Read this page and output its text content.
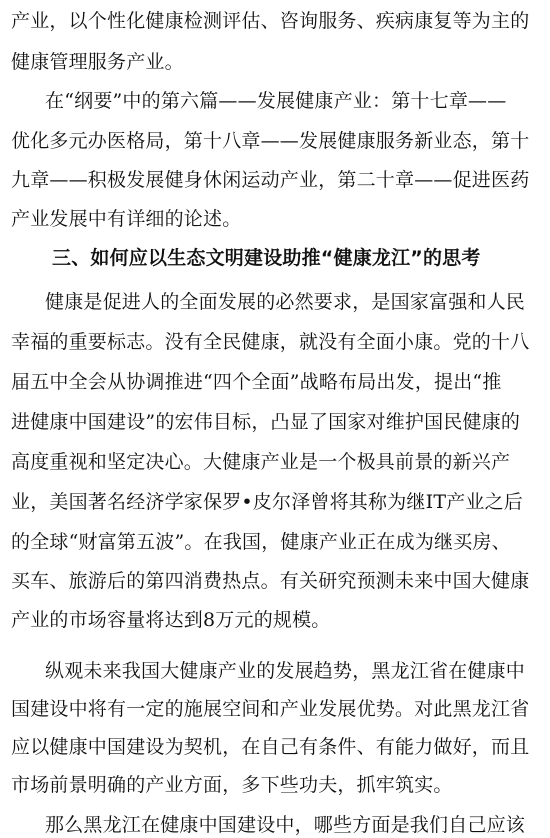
产业，以个性化健康检测评估、咨询服务、疾病康复等为主的
健康管理服务产业。
在“纲要”中的第六篇——发展健康产业：第十七章——
优化多元办医格局，第十八章——发展健康服务新业态，第十
九章——积极发展健身休闲运动产业，第二十章——促进医药
产业发展中有详细的论述。
三、如何应以生态文明建设助推“健康龙江”的思考
健康是促进人的全面发展的必然要求，是国家富强和人民
幸福的重要标志。没有全民健康，就没有全面小康。党的十八
届五中全会从协调推进“四个全面”战略布局出发，提出“推
进健康中国建设”的宏伟目标，凸显了国家对维护国民健康的
高度重视和坚定决心。大健康产业是一个极具前景的新兴产
业，美国著名经济学家保罗•皮尔泽曾将其称为继IT产业之后
的全球“财富第五波”。在我国，健康产业正在成为继买房、
买车、旅游后的第四消费热点。有关研究预测未来中国大健康
产业的市场容量将达到8万元的规模。
纵观未来我国大健康产业的发展趋势，黑龙江省在健康中
国建设中将有一定的施展空间和产业发展优势。对此黑龙江省
应以健康中国建设为契机，在自己有条件、有能力做好，而且
市场前景明确的产业方面，多下些功夫，抓牢筑实。
那么黑龙江在健康中国建设中，哪些方面是我们自己应该
